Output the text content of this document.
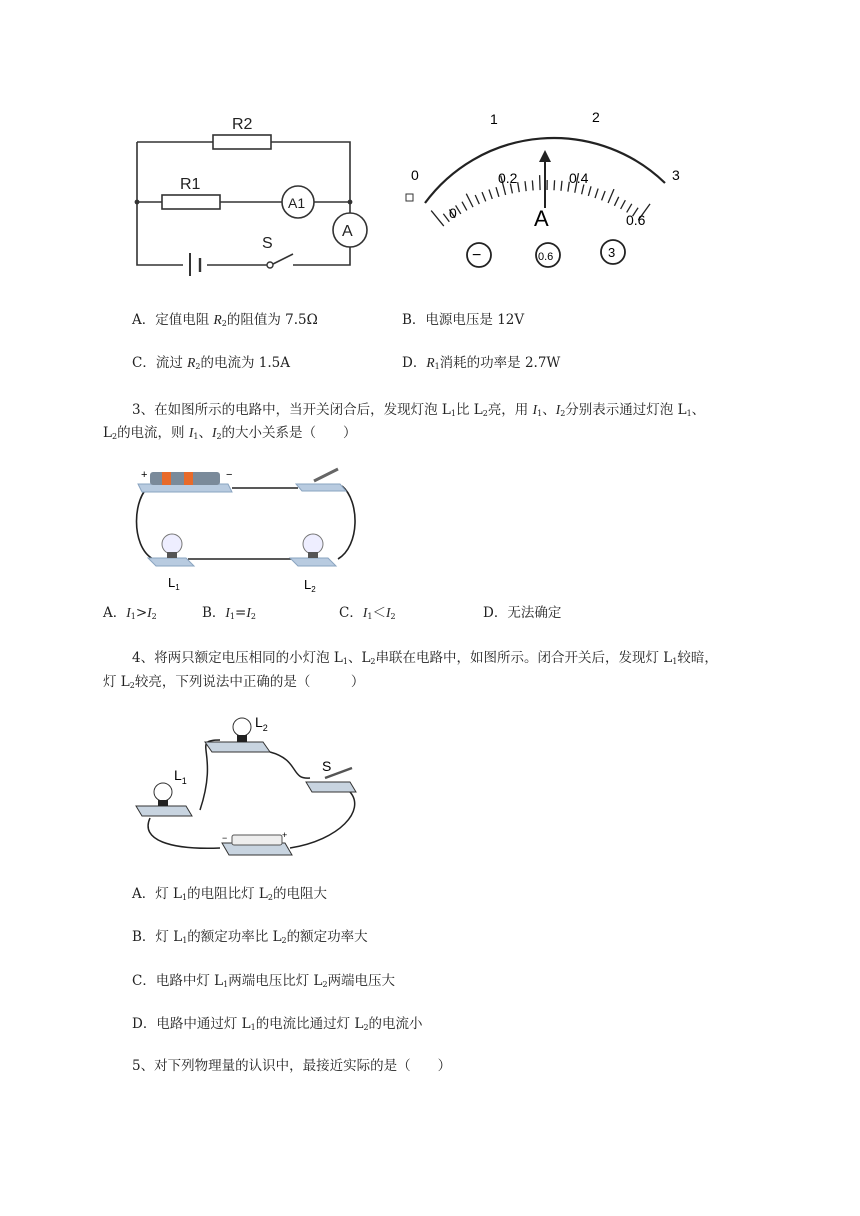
R2
R1
A1
A
S
0
1	2
3
0
0.2	0.4
0.6
A
−	0.6	3
A．定值电阻 $R_2$的阻值为 7.5Ω	B．电源电压是 12V
C．流过 $R_2$的电流为 1.5A	D．$R_1$消耗的功率是 2.7W
3、在如图所示的电路中，当开关闭合后，发现灯泡 $L_1$比 $L_2$亮，用 $I_1$、$I_2$分别表示通过灯泡 $L_1$、
$L_2$的电流，则 $I_1$、$I_2$的大小关系是（　　）
+	−
$L_1$	$L_2$
A．$I_1>I_2$	B．$I_1=I_2$	C．$I_1<I_2$	D．无法确定
4、将两只额定电压相同的小灯泡 $L_1$、$L_2$串联在电路中，如图所示。闭合开关后，发现灯 $L_1$较暗，
灯 $L_2$较亮，下列说法中正确的是（　　　）
$L_2$
$L_1$
S
+
−
A．灯 $L_1$的电阻比灯 $L_2$的电阻大
B．灯 $L_1$的额定功率比 $L_2$的额定功率大
C．电路中灯 $L_1$两端电压比灯 $L_2$两端电压大
D．电路中通过灯 $L_1$的电流比通过灯 $L_2$的电流小
5、对下列物理量的认识中，最接近实际的是（　　）
